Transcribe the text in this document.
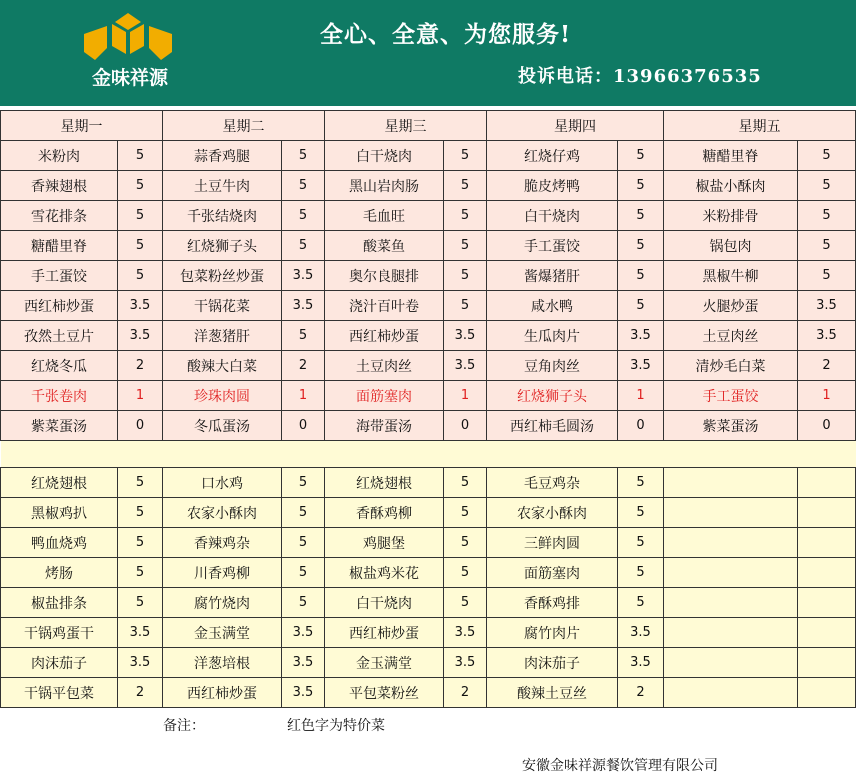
金味祥源
全心、全意、为您服务!
投诉电话：13966376535
星期一		星期二		星期三		星期四		星期五	
米粉肉	5	蒜香鸡腿	5	白干烧肉	5	红烧仔鸡	5	糖醋里脊	5
香辣翅根	5	土豆牛肉	5	黑山岩肉肠	5	脆皮烤鸭	5	椒盐小酥肉	5
雪花排条	5	千张结烧肉	5	毛血旺	5	白干烧肉	5	米粉排骨	5
糖醋里脊	5	红烧狮子头	5	酸菜鱼	5	手工蛋饺	5	锅包肉	5
手工蛋饺	5	包菜粉丝炒蛋	3.5	奥尔良腿排	5	酱爆猪肝	5	黑椒牛柳	5
西红柿炒蛋	3.5	干锅花菜	3.5	浇汁百叶卷	5	咸水鸭	5	火腿炒蛋	3.5
孜然土豆片	3.5	洋葱猪肝	5	西红柿炒蛋	3.5	生瓜肉片	3.5	土豆肉丝	3.5
红烧冬瓜	2	酸辣大白菜	2	土豆肉丝	3.5	豆角肉丝	3.5	清炒毛白菜	2
千张卷肉	1	珍珠肉圆	1	面筋塞肉	1	红烧狮子头	1	手工蛋饺	1
紫菜蛋汤	0	冬瓜蛋汤	0	海带蛋汤	0	西红柿毛圆汤	0	紫菜蛋汤	0

红烧翅根	5	口水鸡	5	红烧翅根	5	毛豆鸡杂	5		
黑椒鸡扒	5	农家小酥肉	5	香酥鸡柳	5	农家小酥肉	5		
鸭血烧鸡	5	香辣鸡杂	5	鸡腿堡	5	三鲜肉圆	5		
烤肠	5	川香鸡柳	5	椒盐鸡米花	5	面筋塞肉	5		
椒盐排条	5	腐竹烧肉	5	白干烧肉	5	香酥鸡排	5		
干锅鸡蛋干	3.5	金玉满堂	3.5	西红柿炒蛋	3.5	腐竹肉片	3.5		
肉沫茄子	3.5	洋葱培根	3.5	金玉满堂	3.5	肉沫茄子	3.5		
干锅平包菜	2	西红柿炒蛋	3.5	平包菜粉丝	2	酸辣土豆丝	2		
备注：	红色字为特价菜
安徽金味祥源餐饮管理有限公司
